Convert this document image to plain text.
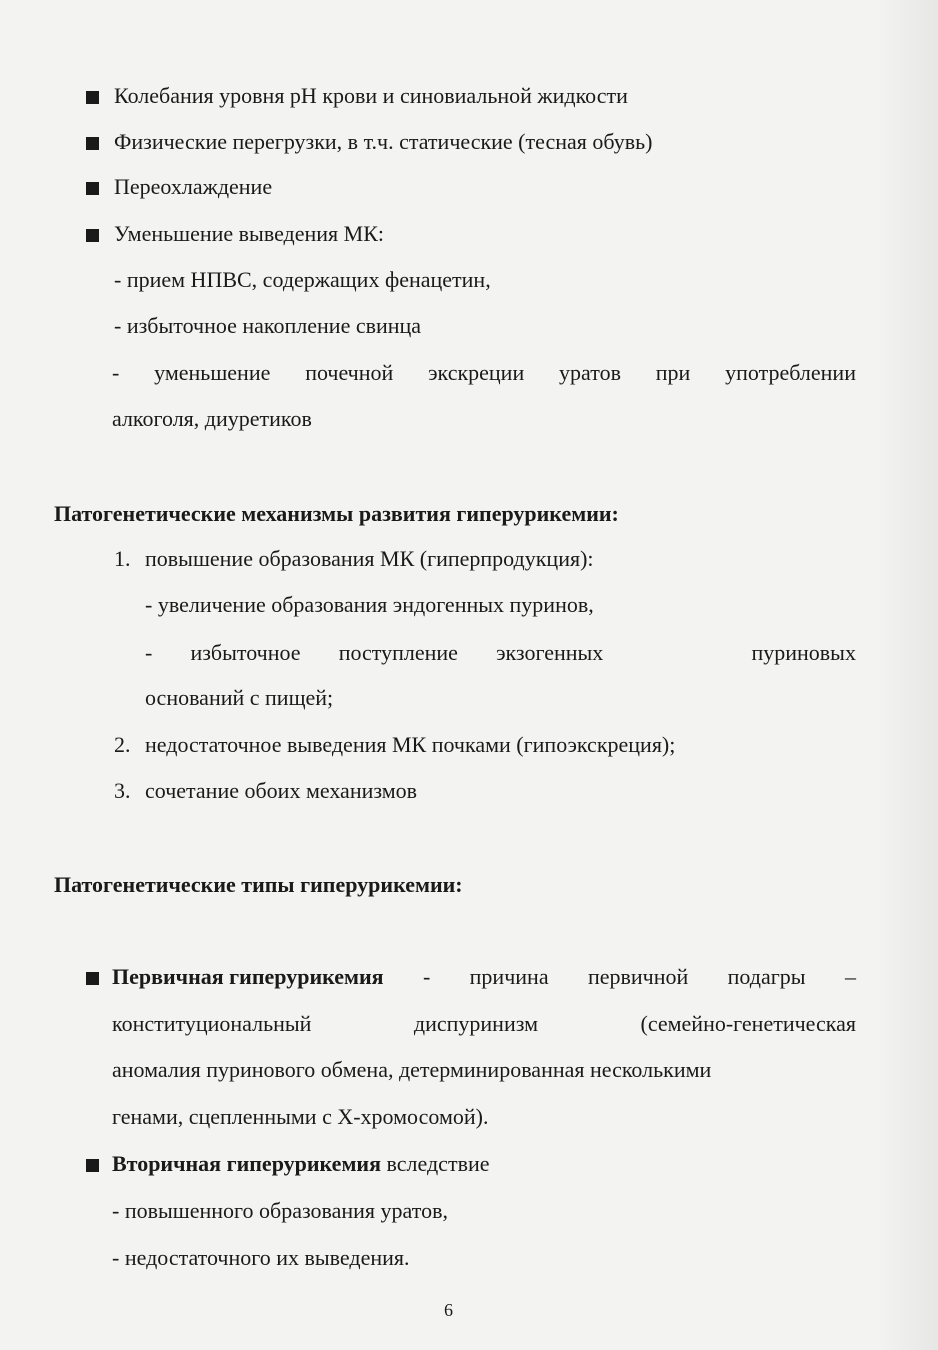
Колебания уровня pH крови и синовиальной жидкости
Физические перегрузки, в т.ч. статические (тесная обувь)
Переохлаждение
Уменьшение выведения МК:
- прием НПВС, содержащих фенацетин,
- избыточное накопление свинца
- уменьшение почечной экскреции уратов при употреблении
алкоголя, диуретиков
Патогенетические механизмы развития гиперурикемии:
1. повышение образования МК (гиперпродукция):
- увеличение образования эндогенных пуринов,
- избыточное поступление экзогенных	пуриновых
оснований с пищей;
2. недостаточное выведения МК почками (гипоэкскреция);
3. сочетание обоих механизмов
Патогенетические типы гиперурикемии:
Первичная гиперурикемия - причина первичной подагры –
конституциональный	диспуринизм	(семейно-генетическая
аномалия пуринового обмена, детерминированная несколькими
генами, сцепленными с Х-хромосомой).
Вторичная гиперурикемия вследствие
- повышенного образования уратов,
- недостаточного их выведения.
6
